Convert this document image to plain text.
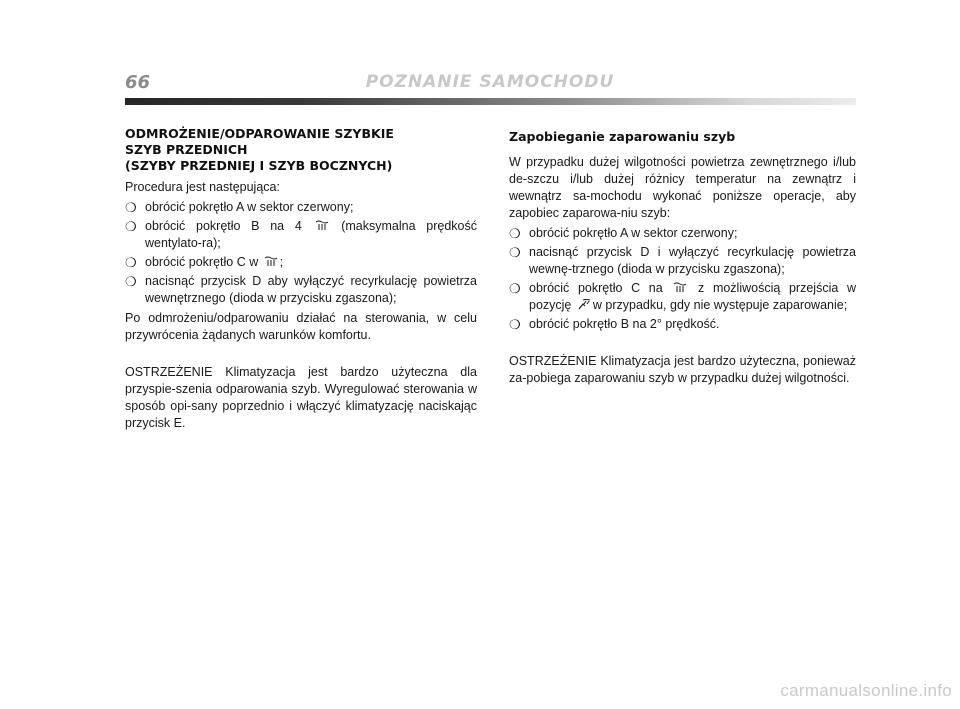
66	POZNANIE SAMOCHODU
ODMROŻENIE/ODPAROWANIE SZYBKIE
SZYB PRZEDNICH
(SZYBY PRZEDNIEJ I SZYB BOCZNYCH)

Procedura jest następująca:

❍ obrócić pokrętło A w sektor czerwony;
❍ obrócić pokrętło B na 4	(maksymalna prędkość wentylato-ra);
❍ obrócić pokrętło C w ;
❍ nacisnąć przycisk D aby wyłączyć recyrkulację powietrza wewnętrznego (dioda w przycisku zgaszona);

Po odmrożeniu/odparowaniu działać na sterowania, w celu przywrócenia żądanych warunków komfortu.

OSTRZEŻENIE Klimatyzacja jest bardzo użyteczna dla przyspie-szenia odparowania szyb. Wyregulować sterowania w sposób opi-sany poprzednio i włączyć klimatyzację naciskając przycisk E.

Zapobieganie zaparowaniu szyb

W przypadku dużej wilgotności powietrza zewnętrznego i/lub de-szczu i/lub dużej różnicy temperatur na zewnątrz i wewnątrz sa-mochodu wykonać poniższe operacje, aby zapobiec zaparowa-niu szyb:

❍ obrócić pokrętło A w sektor czerwony;
❍ nacisnąć przycisk D i wyłączyć recyrkulację powietrza wewnę-trznego (dioda w przycisku zgaszona);
❍ obrócić pokrętło C na	z możliwością przejścia w pozycję w przypadku, gdy nie występuje zaparowanie;
❍ obrócić pokrętło B na 2° prędkość.

OSTRZEŻENIE Klimatyzacja jest bardzo użyteczna, ponieważ za-pobiega zaparowaniu szyb w przypadku dużej wilgotności.

carmanualsonline.info
